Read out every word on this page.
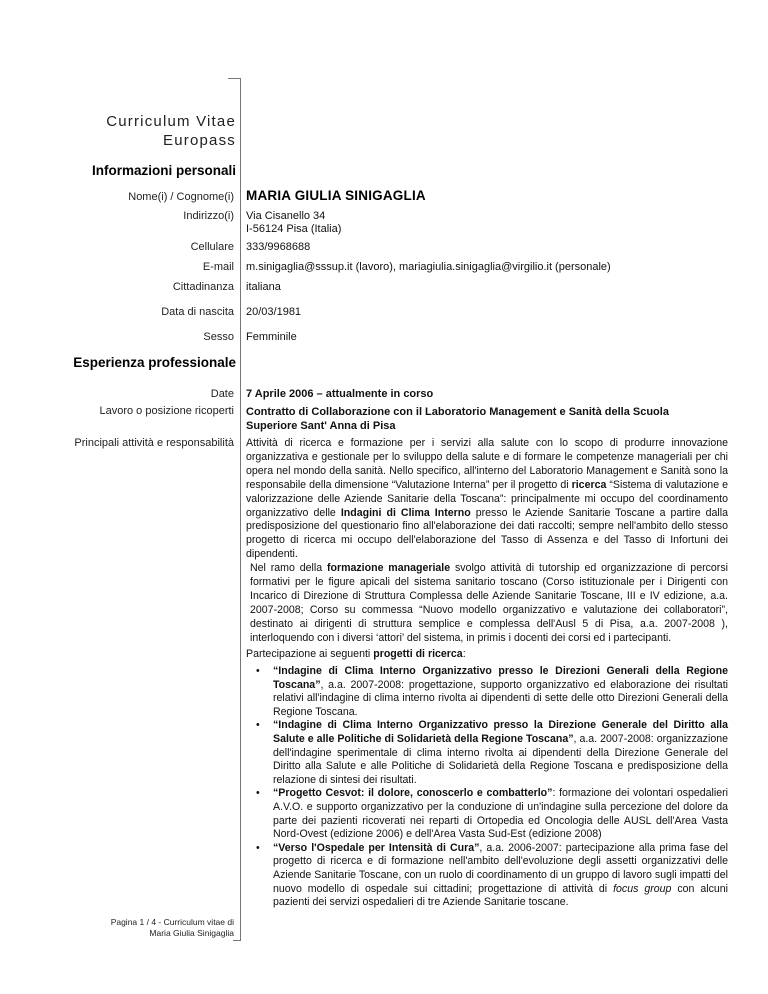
Curriculum Vitae
Europass
Informazioni personali
Nome(i) / Cognome(i) MARIA GIULIA SINIGAGLIA
Indirizzo(i) Via Cisanello 34
I-56124 Pisa (Italia)
Cellulare 333/9968688
E-mail m.sinigaglia@sssup.it (lavoro), mariagiulia.sinigaglia@virgilio.it (personale)
Cittadinanza italiana
Data di nascita 20/03/1981
Sesso Femminile
Esperienza professionale
Date 7 Aprile 2006 – attualmente in corso
Lavoro o posizione ricoperti Contratto di Collaborazione con il Laboratorio Management e Sanità della Scuola Superiore Sant' Anna di Pisa
Principali attività e responsabilità Attività di ricerca e formazione per i servizi alla salute con lo scopo di produrre innovazione organizzativa e gestionale per lo sviluppo della salute e di formare le competenze manageriali per chi opera nel mondo della sanità. Nello specifico, all'interno del Laboratorio Management e Sanità sono la responsabile della dimensione “Valutazione Interna” per il progetto di ricerca “Sistema di valutazione e valorizzazione delle Aziende Sanitarie della Toscana”: principalmente mi occupo del coordinamento organizzativo delle Indagini di Clima Interno presso le Aziende Sanitarie Toscane a partire dalla predisposizione del questionario fino all'elaborazione dei dati raccolti; sempre nell'ambito dello stesso progetto di ricerca mi occupo dell'elaborazione del Tasso di Assenza e del Tasso di Infortuni dei dipendenti.
Nel ramo della formazione manageriale svolgo attività di tutorship ed organizzazione di percorsi formativi per le figure apicali del sistema sanitario toscano (Corso istituzionale per i Dirigenti con Incarico di Direzione di Struttura Complessa delle Aziende Sanitarie Toscane, III e IV edizione, a.a. 2007-2008; Corso su commessa “Nuovo modello organizzativo e valutazione dei collaboratori”, destinato ai dirigenti di struttura semplice e complessa dell'Ausl 5 di Pisa, a.a. 2007-2008 ), interloquendo con i diversi ‘attori’ del sistema, in primis i docenti dei corsi ed i partecipanti.
Partecipazione ai seguenti progetti di ricerca:
• “Indagine di Clima Interno Organizzativo presso le Direzioni Generali della Regione Toscana”, a.a. 2007-2008: progettazione, supporto organizzativo ed elaborazione dei risultati relativi all'indagine di clima interno rivolta ai dipendenti di sette delle otto Direzioni Generali della Regione Toscana.
• “Indagine di Clima Interno Organizzativo presso la Direzione Generale del Diritto alla Salute e alle Politiche di Solidarietà della Regione Toscana”, a.a. 2007-2008: organizzazione dell'indagine sperimentale di clima interno rivolta ai dipendenti della Direzione Generale del Diritto alla Salute e alle Politiche di Solidarietà della Regione Toscana e predisposizione della relazione di sintesi dei risultati.
• “Progetto Cesvot: il dolore, conoscerlo e combatterlo”: formazione dei volontari ospedalieri A.V.O. e supporto organizzativo per la conduzione di un'indagine sulla percezione del dolore da parte dei pazienti ricoverati nei reparti di Ortopedia ed Oncologia delle AUSL dell'Area Vasta Nord-Ovest (edizione 2006) e dell'Area Vasta Sud-Est (edizione 2008)
• “Verso l'Ospedale per Intensità di Cura”, a.a. 2006-2007: partecipazione alla prima fase del progetto di ricerca e di formazione nell'ambito dell'evoluzione degli assetti organizzativi delle Aziende Sanitarie Toscane, con un ruolo di coordinamento di un gruppo di lavoro sugli impatti del nuovo modello di ospedale sui cittadini; progettazione di attività di focus group con alcuni pazienti dei servizi ospedalieri di tre Aziende Sanitarie toscane.
Pagina 1 / 4 - Curriculum vitae di
Maria Giulia Sinigaglia
